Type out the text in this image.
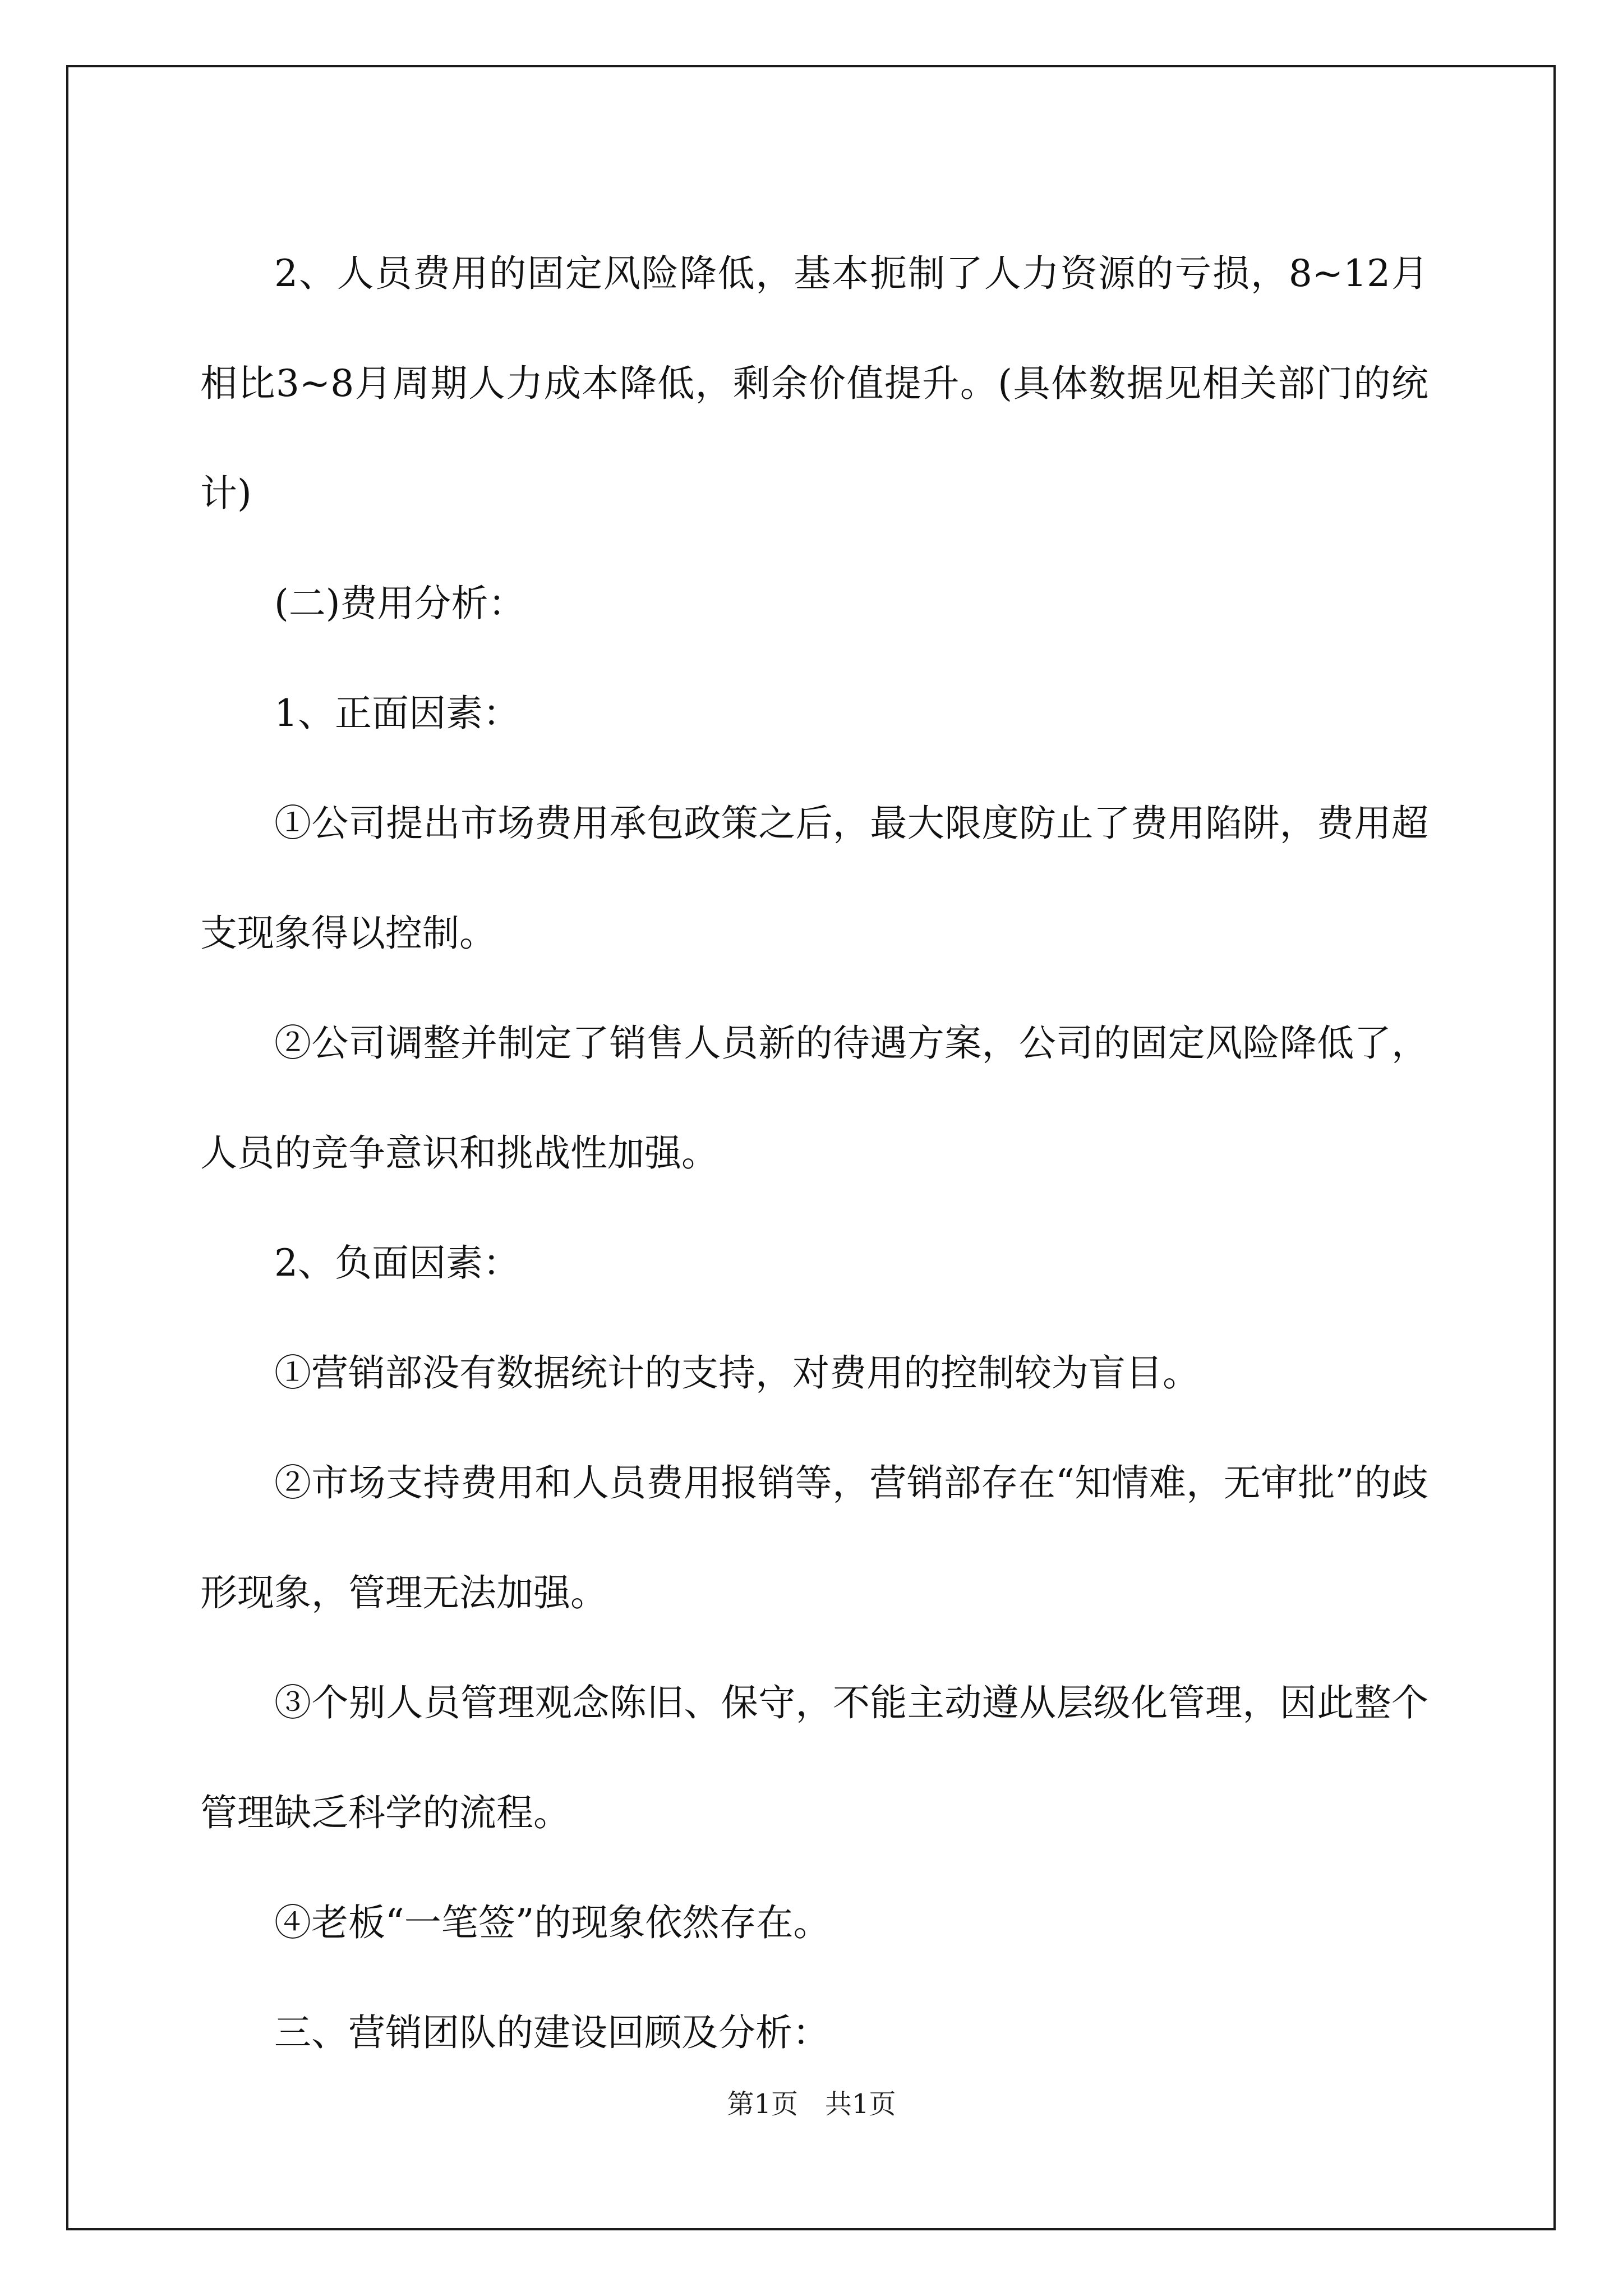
2、人员费用的固定风险降低，基本扼制了人力资源的亏损，8~12月相比3~8月周期人力成本降低，剩余价值提升。(具体数据见相关部门的统计)

(二)费用分析：

1、正面因素：

①公司提出市场费用承包政策之后，最大限度防止了费用陷阱，费用超支现象得以控制。

②公司调整并制定了销售人员新的待遇方案，公司的固定风险降低了，人员的竞争意识和挑战性加强。

2、负面因素：

①营销部没有数据统计的支持，对费用的控制较为盲目。

②市场支持费用和人员费用报销等，营销部存在“知情难，无审批”的歧形现象，管理无法加强。

③个别人员管理观念陈旧、保守，不能主动遵从层级化管理，因此整个管理缺乏科学的流程。

④老板“一笔签”的现象依然存在。

三、营销团队的建设回顾及分析：

第1页 共1页
